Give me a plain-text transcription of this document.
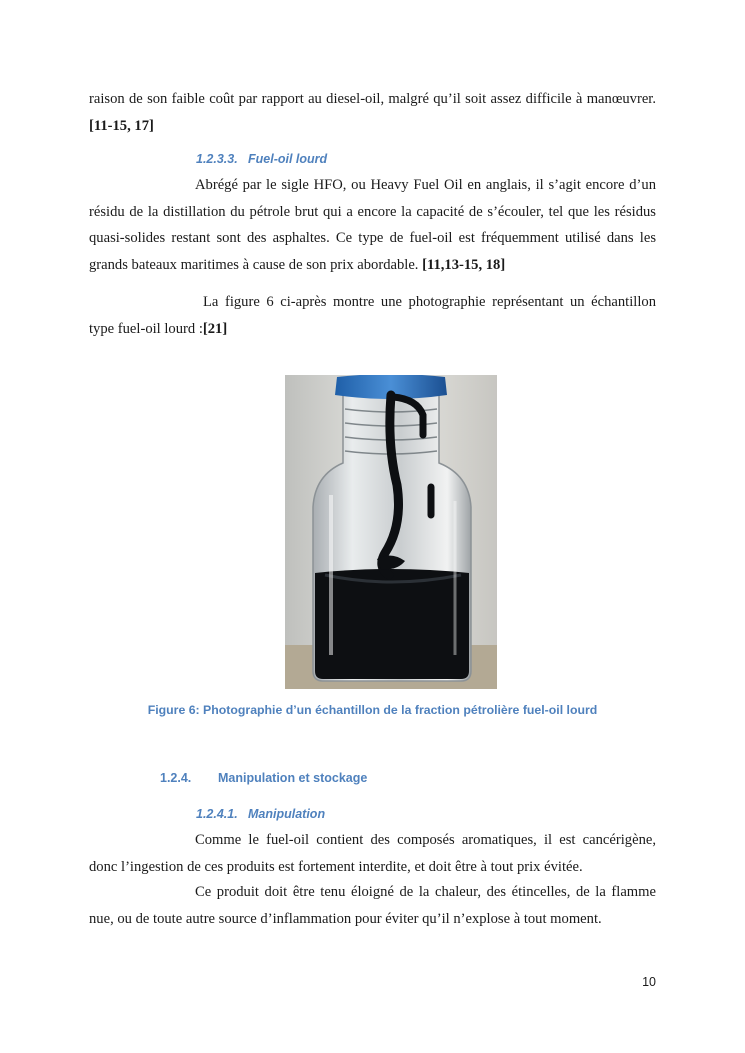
raison de son faible coût par rapport au diesel-oil, malgré qu’il soit assez difficile à manœuvrer. [11-15, 17]
1.2.3.3. Fuel-oil lourd
Abrégé par le sigle HFO, ou Heavy Fuel Oil en anglais, il s’agit encore d’un résidu de la distillation du pétrole brut qui a encore la capacité de s’écouler, tel que les résidus quasi-solides restant sont des asphaltes. Ce type de fuel-oil est fréquemment utilisé dans les grands bateaux maritimes à cause de son prix abordable. [11,13-15, 18]
La figure 6 ci-après montre une photographie représentant un échantillon type fuel-oil lourd :[21]
Figure 6: Photographie d’un échantillon de la fraction pétrolière fuel-oil lourd
1.2.4. Manipulation et stockage
1.2.4.1. Manipulation
Comme le fuel-oil contient des composés aromatiques, il est cancérigène, donc l’ingestion de ces produits est fortement interdite, et doit être à tout prix évitée.
Ce produit doit être tenu éloigné de la chaleur, des étincelles, de la flamme nue, ou de toute autre source d’inflammation pour éviter qu’il n’explose à tout moment.
10
